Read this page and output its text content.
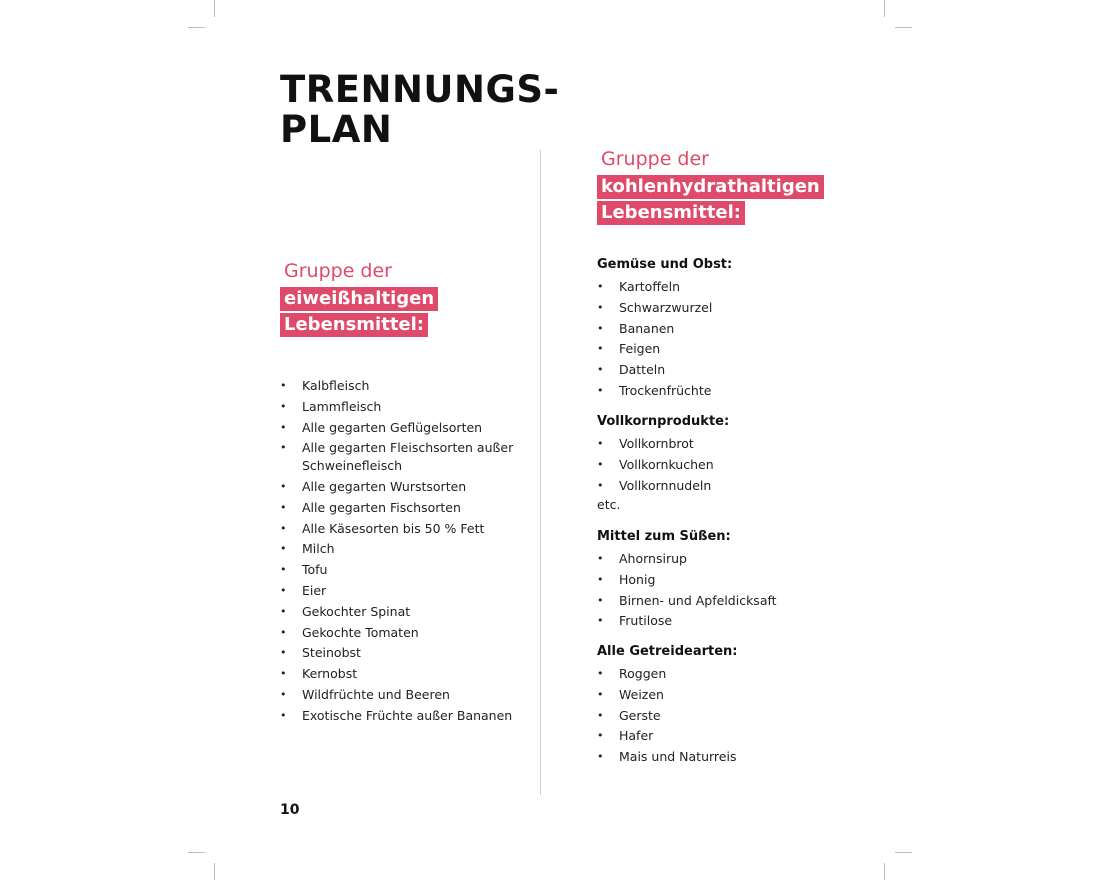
TRENNUNGS-
PLAN
Gruppe der
eiweißhaltigen
Lebensmittel:
• Kalbfleisch
• Lammfleisch
• Alle gegarten Geflügelsorten
• Alle gegarten Fleischsorten außer
Schweinefleisch
• Alle gegarten Wurstsorten
• Alle gegarten Fischsorten
• Alle Käsesorten bis 50 % Fett
• Milch
• Tofu
• Eier
• Gekochter Spinat
• Gekochte Tomaten
• Steinobst
• Kernobst
• Wildfrüchte und Beeren
• Exotische Früchte außer Bananen
Gruppe der
kohlenhydrathaltigen
Lebensmittel:
Gemüse und Obst:
• Kartoffeln
• Schwarzwurzel
• Bananen
• Feigen
• Datteln
• Trockenfrüchte
Vollkornprodukte:
• Vollkornbrot
• Vollkornkuchen
• Vollkornnudeln
etc.
Mittel zum Süßen:
• Ahornsirup
• Honig
• Birnen- und Apfeldicksaft
• Frutilose
Alle Getreidearten:
• Roggen
• Weizen
• Gerste
• Hafer
• Mais und Naturreis
10
